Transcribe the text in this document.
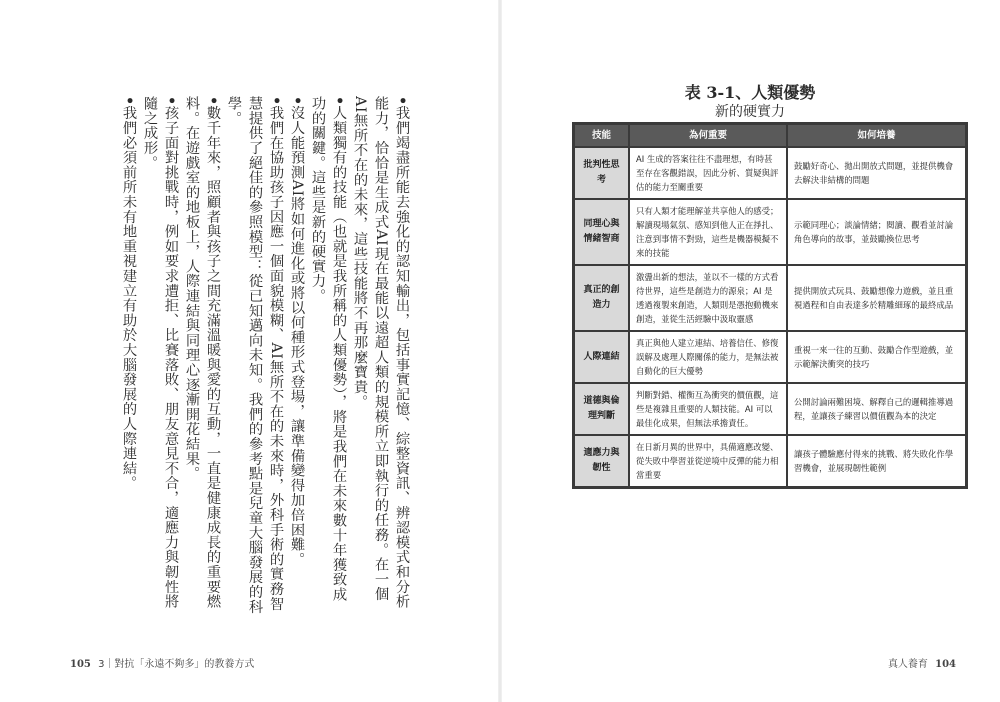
•我們竭盡所能去強化的認知輸出，包括事實記憶、綜整資訊、辨認模式和分析能力，恰恰是生成式AI現在最能以遠超人類的規模所立即執行的任務。在一個AI無所不在的未來，這些技能將不再那麼寶貴。

•人類獨有的技能（也就是我所稱的人類優勢），將是我們在未來數十年獲致成功的關鍵。這些是新的硬實力。

•沒人能預測AI將如何進化或將以何種形式登場，讓準備變得加倍困難。

•我們在協助孩子因應一個面貌模糊、AI無所不在的未來時，外科手術的實務智慧提供了絕佳的參照模型：從已知邁向未知。我們的參考點是兒童大腦發展的科學。

•數千年來，照顧者與孩子之間充滿溫暖與愛的互動，一直是健康成長的重要燃料。在遊戲室的地板上，人際連結與同理心逐漸開花結果。

•孩子面對挑戰時，例如要求遭拒、比賽落敗、朋友意見不合，適應力與韌性將隨之成形。

•我們必須前所未有地重視建立有助於大腦發展的人際連結。

105 3｜對抗「永遠不夠多」的教養方式
表 3-1、人類優勢
新的硬實力
技能	為何重要	如何培養
批判性思考
AI 生成的答案往往不盡理想，有時甚至存在客觀錯誤，因此分析、質疑與評估的能力至關重要
鼓勵好奇心、拋出開放式問題，並提供機會去解決非結構的問題
同理心與情緒智商
只有人類才能理解並共享他人的感受；解讀現場氣氛、感知到他人正在掙扎、注意到事情不對勁，這些是機器模擬不來的技能
示範同理心；談論情緒；閱讀、觀看並討論角色導向的故事，並鼓勵換位思考
真正的創造力
激盪出新的想法，並以不一樣的方式看待世界，這些是創造力的源泉；AI 是透過複製來創造，人類則是憑抱動機來創造，並從生活經驗中汲取靈感
提供開放式玩具、鼓勵想像力遊戲，並且重視過程和自由表達多於精雕細琢的最終成品
人際連結
真正與他人建立連結、培養信任、修復誤解及處理人際關係的能力，是無法被自動化的巨大優勢
重視一來一往的互動、鼓勵合作型遊戲，並示範解決衝突的技巧
道德與倫理判斷
判斷對錯、權衡互為衝突的價值觀，這些是複雜且重要的人類技能。AI 可以最佳化成果，但無法承擔責任。
公開討論兩難困境、解釋自己的邏輯推導過程，並讓孩子練習以價值觀為本的決定
適應力與韌性
在日新月異的世界中，具備適應改變、從失敗中學習並從逆境中反彈的能力相當重要
讓孩子體驗應付得來的挑戰、將失敗化作學習機會，並展現韌性範例
真人養育 104
